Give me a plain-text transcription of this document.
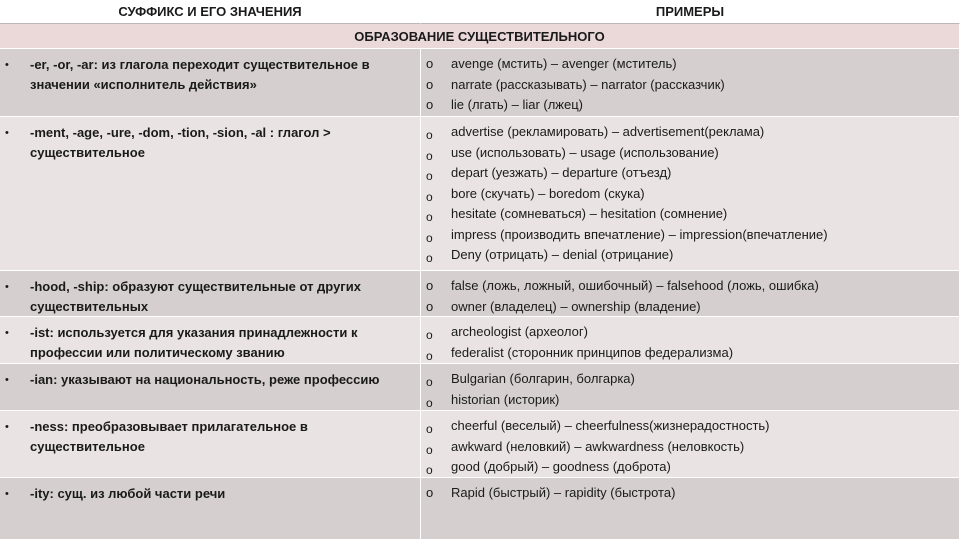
СУФФИКС И ЕГО ЗНАЧЕНИЯ	ПРИМЕРЫ
ОБРАЗОВАНИЕ СУЩЕСТВИТЕЛЬНОГО
• -er, -or, -ar: из глагола переходит существительное в значении «исполнитель действия»
o avenge (мстить) – avenger (мститель)
o narrate (рассказывать) – narrator (рассказчик)
o lie (лгать) – liar (лжец)
• -ment, -age, -ure, -dom, -tion, -sion, -al : глагол > существительное
o advertise (рекламировать) – advertisement(реклама)
o use (использовать) – usage (использование)
o depart (уезжать) – departure (отъезд)
o bore (скучать) – boredom (скука)
o hesitate (сомневаться) – hesitation (сомнение)
o impress (производить впечатление) – impression(впечатление)
o Deny (отрицать) – denial (отрицание)
• -hood, -ship: образуют существительные от других существительных
o false (ложь, ложный, ошибочный) – falsehood (ложь, ошибка)
o owner (владелец) – ownership (владение)
• -ist: используется для указания принадлежности к профессии или политическому званию
o archeologist (археолог)
o federalist (сторонник принципов федерализма)
• -ian: указывают на национальность, реже профессию	o Bulgarian (болгарин, болгарка)
o historian (историк)
• -ness: преобразовывает прилагательное в существительное
o cheerful (веселый) – cheerfulness(жизнерадостность)
o awkward (неловкий) – awkwardness (неловкость)
o good (добрый) – goodness (доброта)
• -ity: сущ. из любой части речи	o Rapid (быстрый) – rapidity (быстрота)
